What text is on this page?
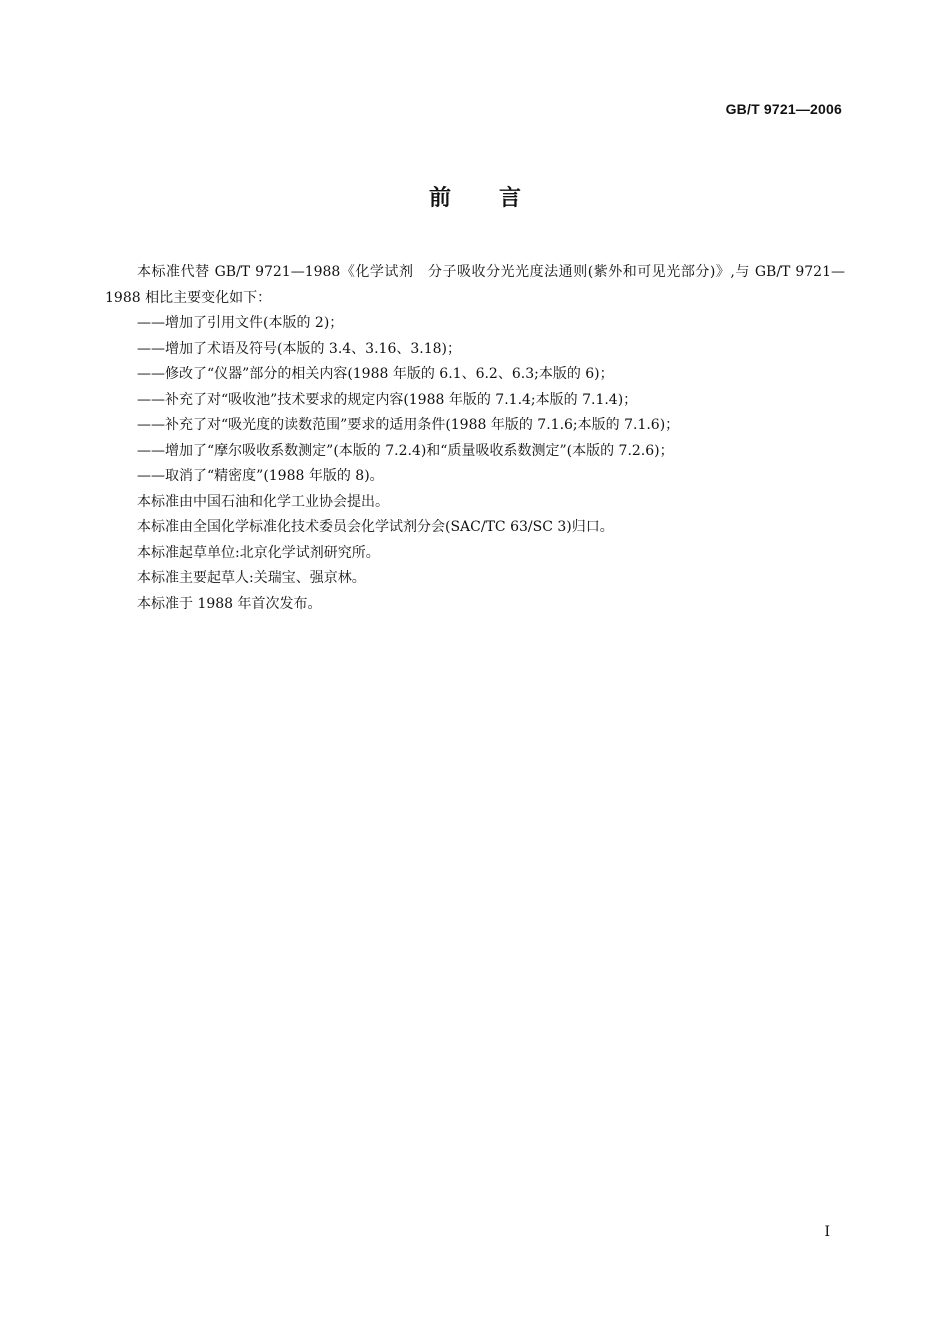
GB/T 9721—2006
前言

本标准代替 GB/T 9721—1988《化学试剂　分子吸收分光光度法通则(紫外和可见光部分)》,与 GB/T 9721—1988 相比主要变化如下：

——增加了引用文件(本版的 2)；

——增加了术语及符号(本版的 3.4、3.16、3.18)；

——修改了“仪器”部分的相关内容(1988 年版的 6.1、6.2、6.3;本版的 6)；

——补充了对“吸收池”技术要求的规定内容(1988 年版的 7.1.4;本版的 7.1.4)；

——补充了对“吸光度的读数范围”要求的适用条件(1988 年版的 7.1.6;本版的 7.1.6)；

——增加了“摩尔吸收系数测定”(本版的 7.2.4)和“质量吸收系数测定”(本版的 7.2.6)；

——取消了“精密度”(1988 年版的 8)。

本标准由中国石油和化学工业协会提出。

本标准由全国化学标准化技术委员会化学试剂分会(SAC/TC 63/SC 3)归口。

本标准起草单位:北京化学试剂研究所。

本标准主要起草人:关瑞宝、强京林。

本标准于 1988 年首次发布。

I
